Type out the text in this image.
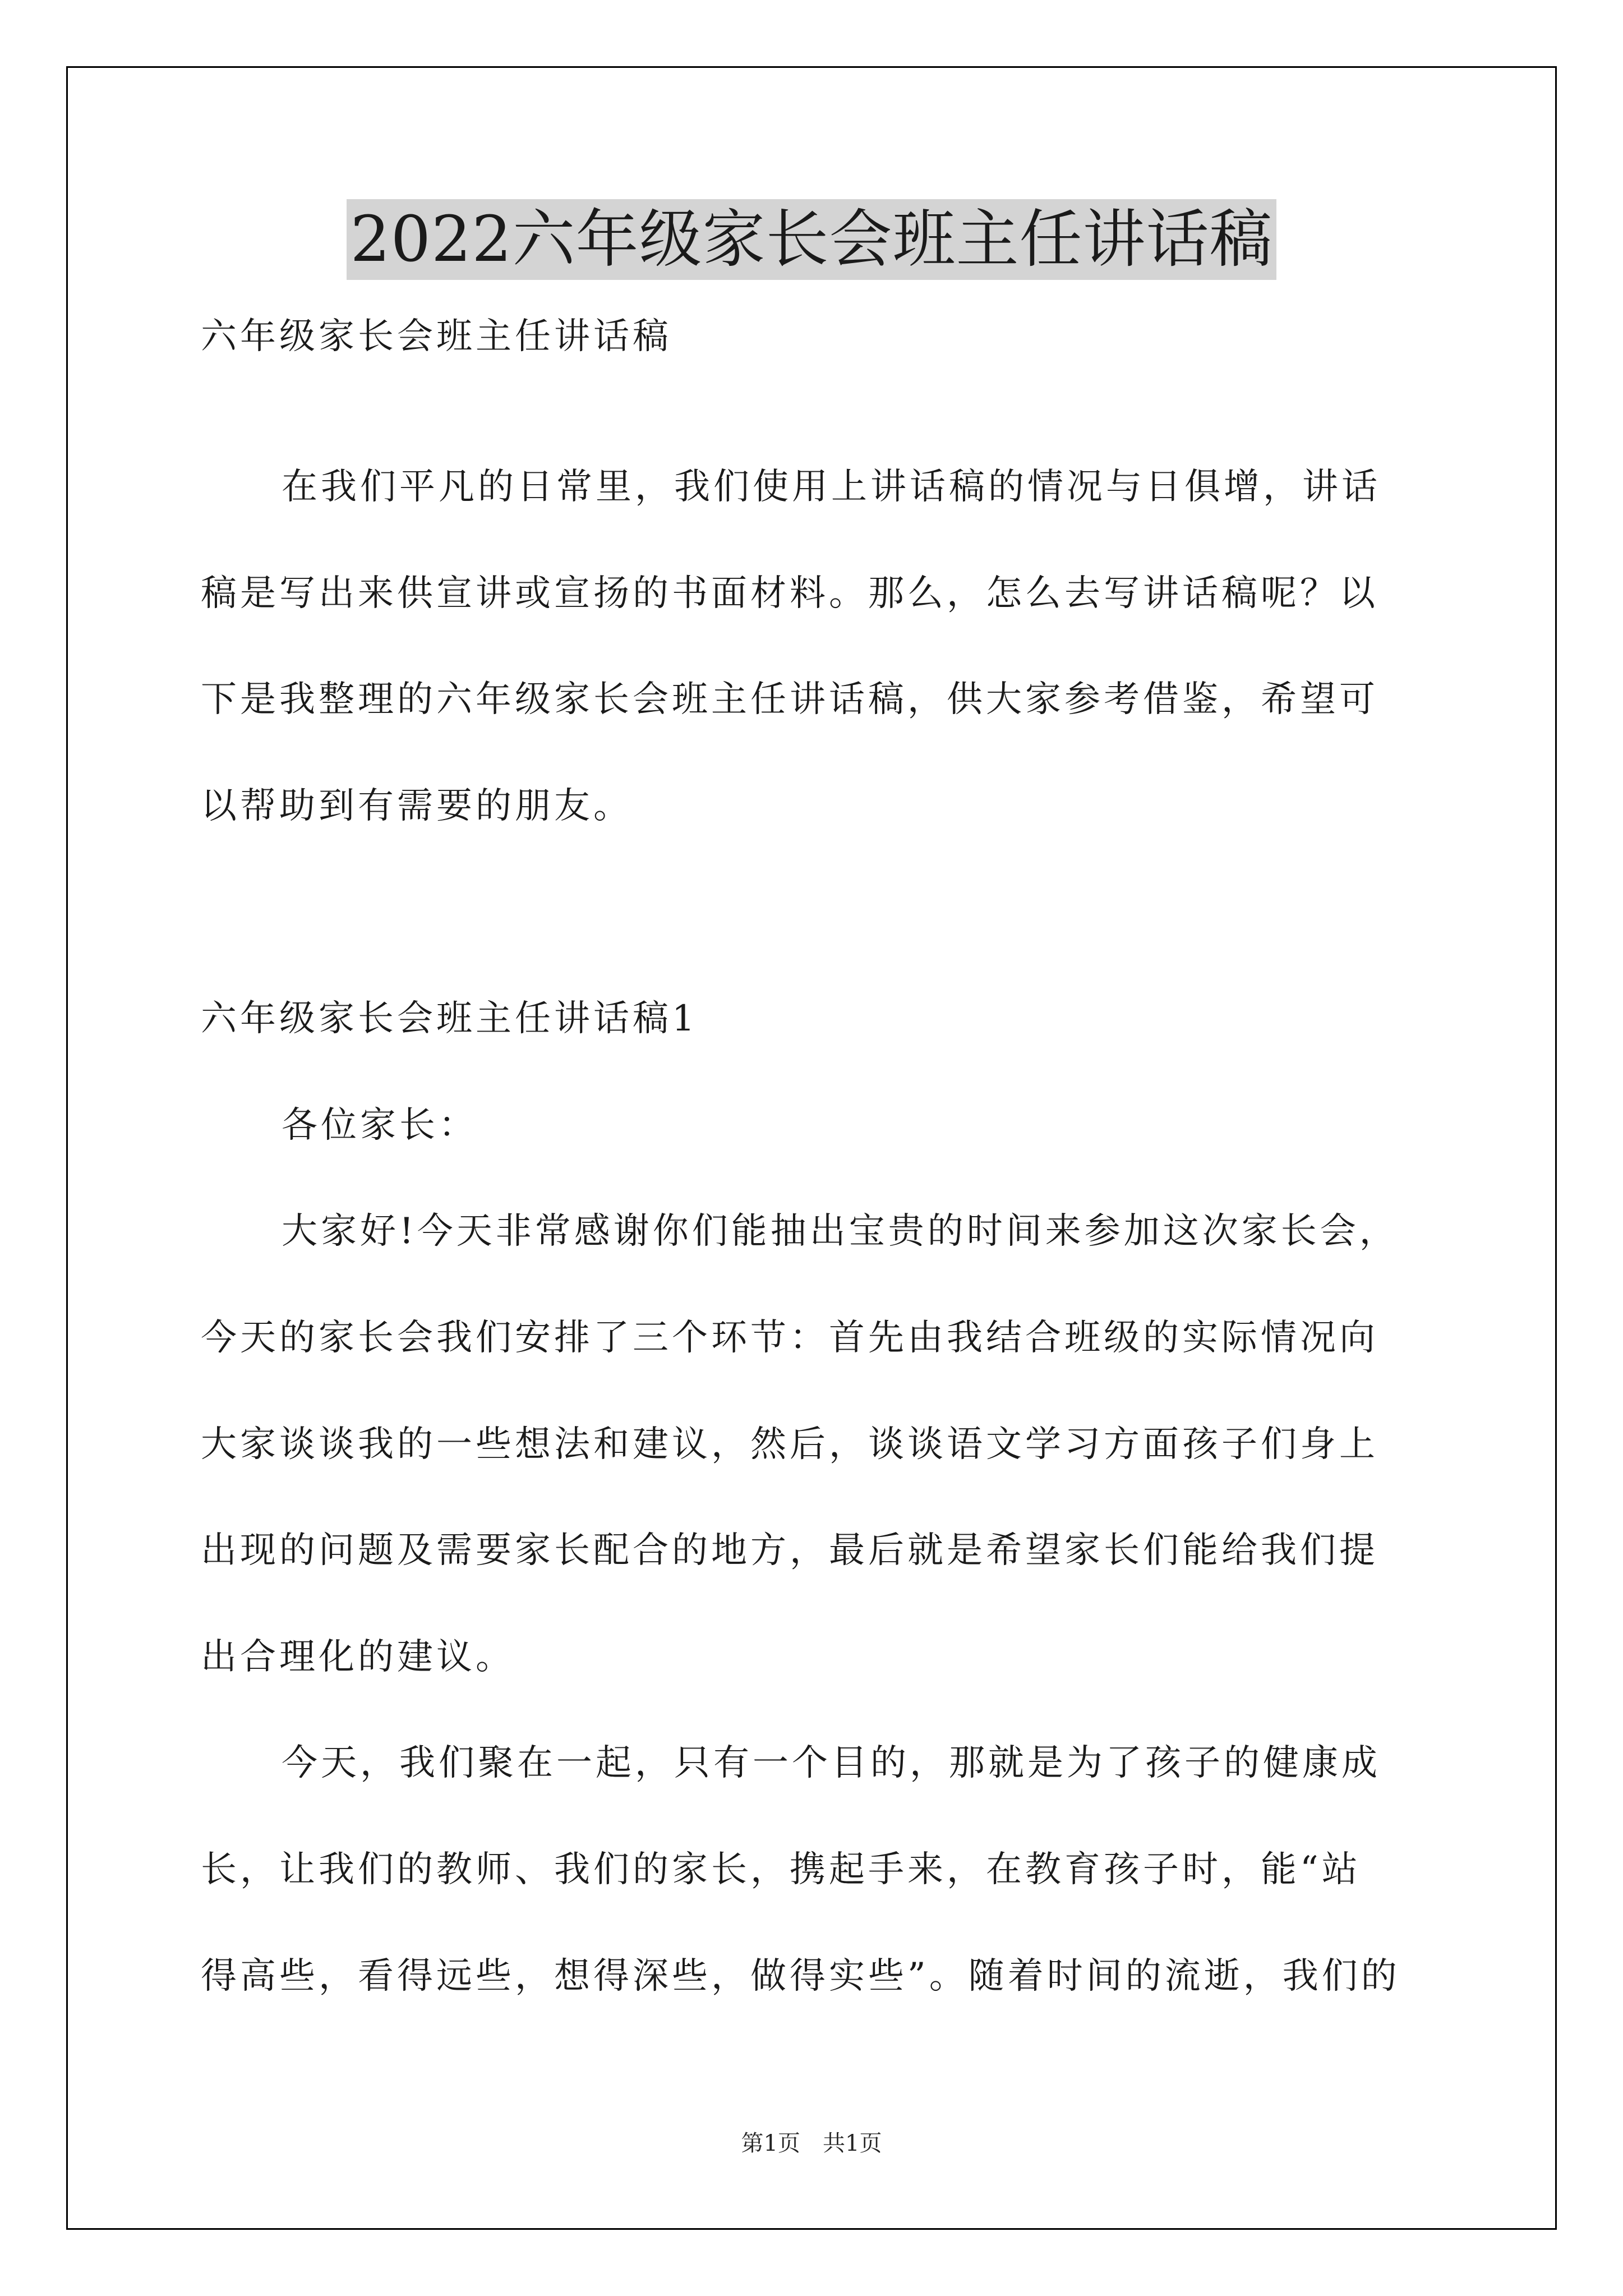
2022六年级家长会班主任讲话稿
六年级家长会班主任讲话稿
在我们平凡的日常里，我们使用上讲话稿的情况与日俱增，讲话
稿是写出来供宣讲或宣扬的书面材料。那么，怎么去写讲话稿呢？以
下是我整理的六年级家长会班主任讲话稿，供大家参考借鉴，希望可
以帮助到有需要的朋友。
六年级家长会班主任讲话稿1
各位家长：
大家好!今天非常感谢你们能抽出宝贵的时间来参加这次家长会，
今天的家长会我们安排了三个环节：首先由我结合班级的实际情况向
大家谈谈我的一些想法和建议，然后，谈谈语文学习方面孩子们身上
出现的问题及需要家长配合的地方，最后就是希望家长们能给我们提
出合理化的建议。
今天，我们聚在一起，只有一个目的，那就是为了孩子的健康成
长，让我们的教师、我们的家长，携起手来，在教育孩子时，能“站
得高些，看得远些，想得深些，做得实些”。随着时间的流逝，我们的
第1页　共1页
